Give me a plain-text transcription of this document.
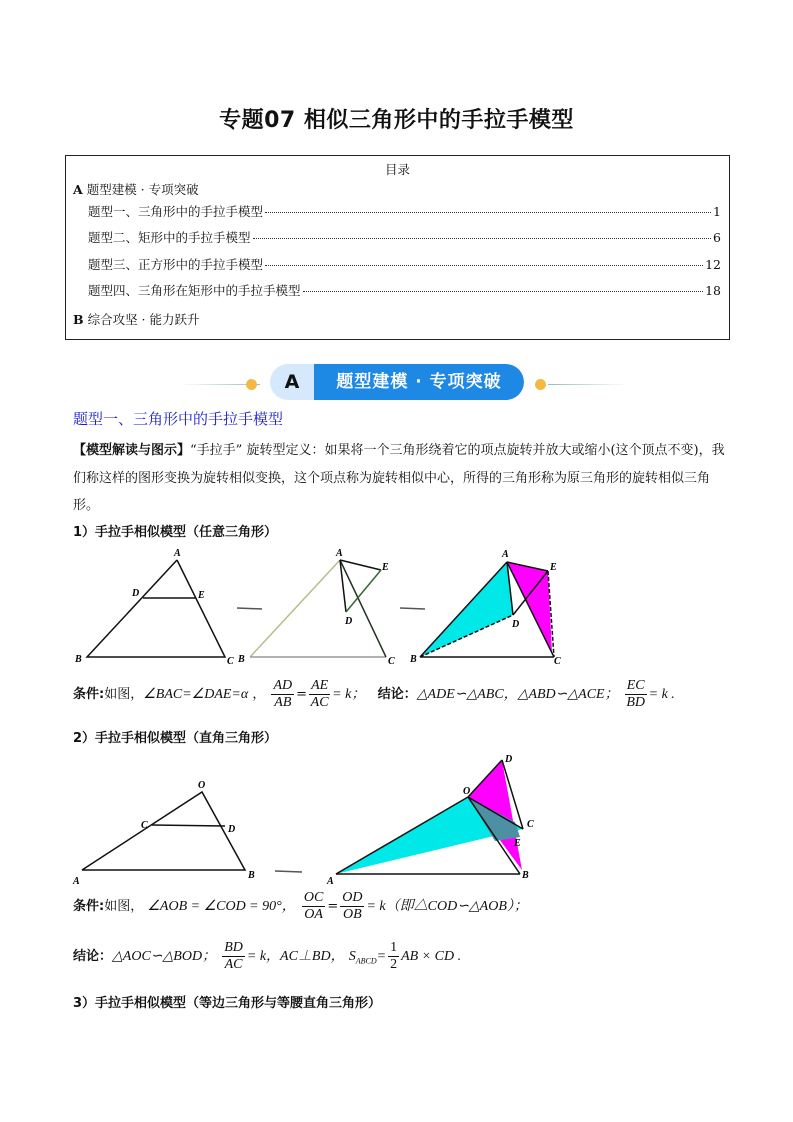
专题07 相似三角形中的手拉手模型
目录
A 题型建模 · 专项突破
题型一、三角形中的手拉手模型	1
题型二、矩形中的手拉手模型	6
题型三、正方形中的手拉手模型	12
题型四、三角形在矩形中的手拉手模型	18
B 综合攻坚 · 能力跃升
A	题型建模 · 专项突破
题型一、三角形中的手拉手模型
【模型解读与图示】“手拉手” 旋转型定义：如果将一个三角形绕着它的项点旋转并放大或缩小(这个顶点不变)，我们称这样的图形变换为旋转相似变换，这个项点称为旋转相似中心，所得的三角形称为原三角形的旋转相似三角形。
1）手拉手相似模型（任意三角形）
A
B	C
D	E
A
B	C
D
E
A
B	C
D
E
条件:如图，∠BAC=∠DAE=α ， $\frac{AD}{AB} = \frac{AE}{AC} = k$； 结论：△ADE∽△ABC，△ABD∽△ACE； $\frac{EC}{BD} = k$ .
2）手拉手相似模型（直角三角形）
O
A
B
C	D
O
A
B
C
D
E
条件:如图， ∠AOB = ∠COD = 90°， $\frac{OC}{OA} = \frac{OD}{OB} = k$（即△COD∽△AOB）；
结论：△AOC∽△BOD； $\frac{BD}{AC} = k$，AC⊥BD， $S_{ABCD}= \frac{1}{2}$ AB × CD .
3）手拉手相似模型（等边三角形与等腰直角三角形）
